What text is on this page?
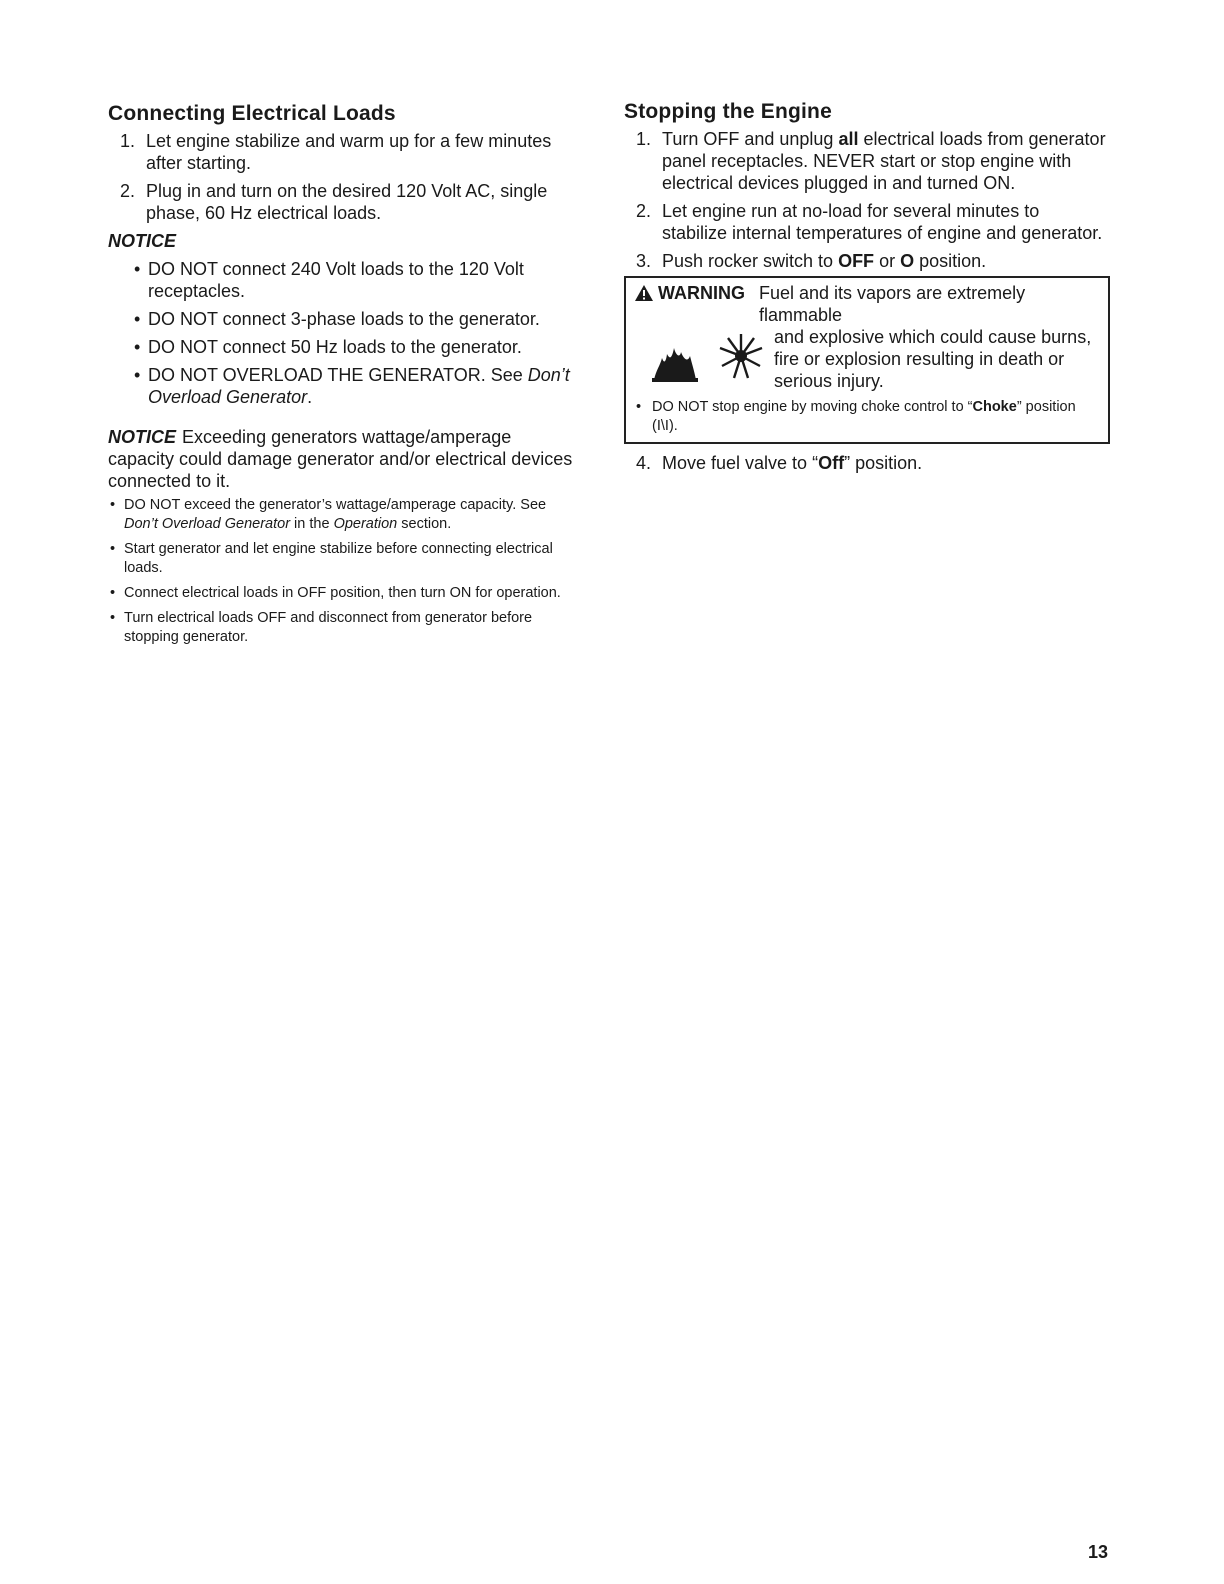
Connecting Electrical Loads
1. Let engine stabilize and warm up for a few minutes after starting.
2. Plug in and turn on the desired 120 Volt AC, single phase, 60 Hz electrical loads.
NOTICE
• DO NOT connect 240 Volt loads to the 120 Volt receptacles.
• DO NOT connect 3-phase loads to the generator.
• DO NOT connect 50 Hz loads to the generator.
• DO NOT OVERLOAD THE GENERATOR. See Don’t Overload Generator.
NOTICE Exceeding generators wattage/amperage capacity could damage generator and/or electrical devices connected to it.
• DO NOT exceed the generator’s wattage/amperage capacity. See Don’t Overload Generator in the Operation section.
• Start generator and let engine stabilize before connecting electrical loads.
• Connect electrical loads in OFF position, then turn ON for operation.
• Turn electrical loads OFF and disconnect from generator before stopping generator.
Stopping the Engine
1. Turn OFF and unplug all electrical loads from generator panel receptacles. NEVER start or stop engine with electrical devices plugged in and turned ON.
2. Let engine run at no-load for several minutes to stabilize internal temperatures of engine and generator.
3. Push rocker switch to OFF or O position.
WARNING Fuel and its vapors are extremely flammable
and explosive which could cause burns, fire or explosion resulting in death or serious injury.
• DO NOT stop engine by moving choke control to “Choke” position (I\I).
4. Move fuel valve to “Off” position.
13
